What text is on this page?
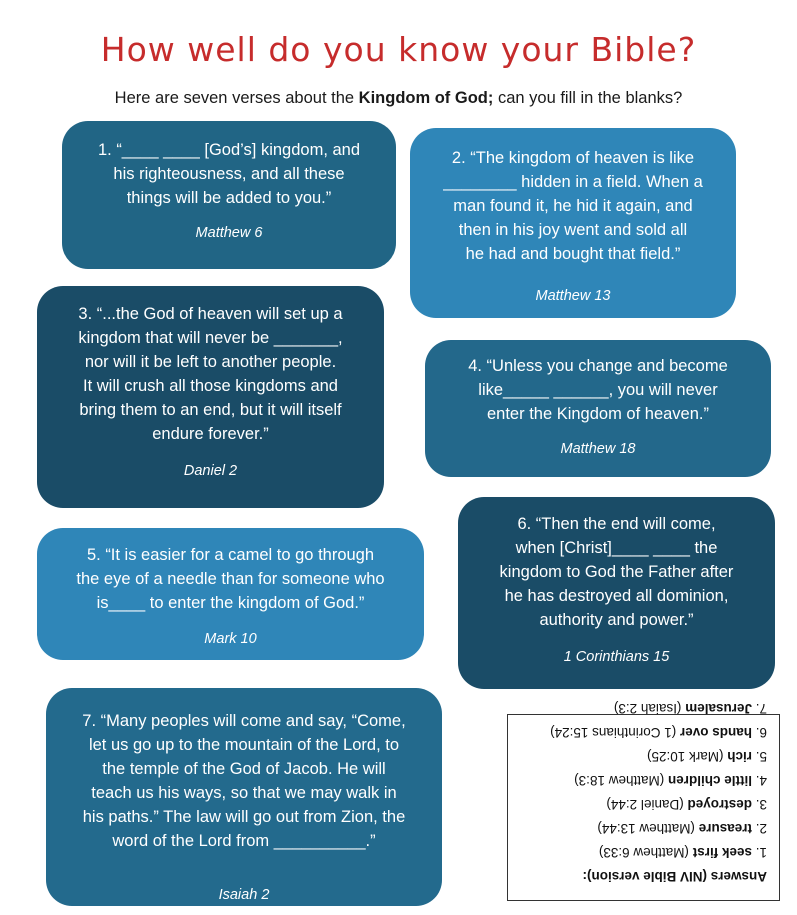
How well do you know your Bible?
Here are seven verses about the Kingdom of God; can you fill in the blanks?
1. “____ ____ [God’s] kingdom, and
his righteousness, and all these
things will be added to you.”
Matthew 6
2. “The kingdom of heaven is like
________ hidden in a field. When a
man found it, he hid it again, and
then in his joy went and sold all
he had and bought that field.”
Matthew 13
3. “...the God of heaven will set up a
kingdom that will never be _______,
nor will it be left to another people.
It will crush all those kingdoms and
bring them to an end, but it will itself
endure forever.”
Daniel 2
4. “Unless you change and become
like_____ ______, you will never
enter the Kingdom of heaven.”
Matthew 18
5. “It is easier for a camel to go through
the eye of a needle than for someone who
is____ to enter the kingdom of God.”
Mark 10
6. “Then the end will come,
when [Christ]____ ____ the
kingdom to God the Father after
he has destroyed all dominion,
authority and power.”
1 Corinthians 15
7. “Many peoples will come and say, “Come,
let us go up to the mountain of the Lord, to
the temple of the God of Jacob. He will
teach us his ways, so that we may walk in
his paths.” The law will go out from Zion, the
word of the Lord from __________.”
Isaiah 2
Answers (NIV Bible version):
1. seek first (Matthew 6:33)
2. treasure (Matthew 13:44)
3. destroyed (Daniel 2:44)
4. little children (Matthew 18:3)
5. rich (Mark 10:25)
6. hands over (1 Corinthians 15:24)
7. Jerusalem (Isaiah 2:3)
